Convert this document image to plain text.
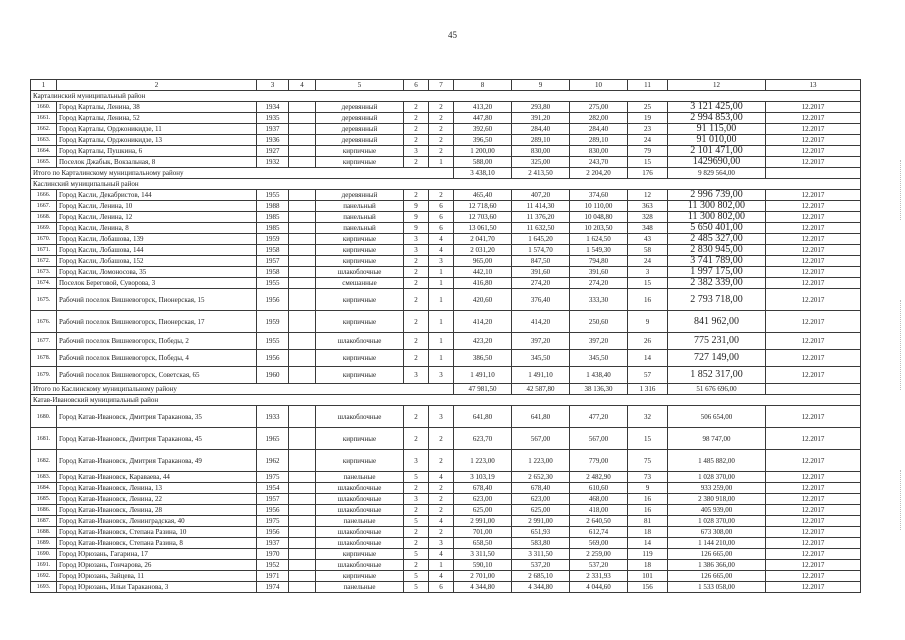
45
1	2	3	4	5	6	7	8	9	10	11	12	13
Карталинский муниципальный район												
1660.	Город Карталы, Ленина, 38	1934		деревянный	2	2	413,20	293,80	275,00	25	3 121 425,00	12.2017
1661.	Город Карталы, Ленина, 52	1935		деревянный	2	2	447,80	391,20	282,00	19	2 994 853,00	12.2017
1662.	Город Карталы, Орджоникидзе, 11	1937		деревянный	2	2	392,60	284,40	284,40	23	91 115,00	12.2017
1663.	Город Карталы, Орджоникидзе, 13	1936		деревянный	2	2	396,50	289,10	289,10	24	91 010,00	12.2017
1664.	Город Карталы, Пушкина, 6	1927		кирпичные	3	2	1 200,00	830,00	830,00	79	2 101 471,00	12.2017
1665.	Поселок Джабык, Вокзальная, 8	1932		кирпичные	2	1	588,00	325,00	243,70	15	1429690,00	12.2017
Итого по Карталинскому муниципальному району							3 438,10	2 413,50	2 204,20	176	9 829 564,00	
Каслинский муниципальный район												
1666.	Город Касли, Декабристов, 144	1955		деревянный	2	2	465,40	407,20	374,60	12	2 996 739,00	12.2017
1667.	Город Касли, Ленина, 10	1988		панельный	9	6	12 718,60	11 414,30	10 110,00	363	11 300 802,00	12.2017
1668.	Город Касли, Ленина, 12	1985		панельный	9	6	12 703,60	11 376,20	10 048,80	328	11 300 802,00	12.2017
1669.	Город Касли, Ленина, 8	1985		панельный	9	6	13 061,50	11 632,50	10 203,50	348	5 650 401,00	12.2017
1670.	Город Касли, Лобашова, 139	1959		кирпичные	3	4	2 041,70	1 645,20	1 624,50	43	2 485 327,00	12.2017
1671.	Город Касли, Лобашова, 144	1958		кирпичные	3	4	2 031,20	1 574,70	1 549,30	58	2 830 945,00	12.2017
1672.	Город Касли, Лобашова, 152	1957		кирпичные	2	3	965,00	847,50	794,80	24	3 741 789,00	12.2017
1673.	Город Касли, Ломоносова, 35	1958		шлакоблочные	2	1	442,10	391,60	391,60	3	1 997 175,00	12.2017
1674.	Поселок Береговой, Суворова, 3	1955		смешанные	2	1	416,80	274,20	274,20	15	2 382 339,00	12.2017
1675.	Рабочий поселок Вишневогорск, Пионерская, 15	1956		кирпичные	2	1	420,60	376,40	333,30	16	2 793 718,00	12.2017
1676.	Рабочий поселок Вишневогорск, Пионерская, 17	1959		кирпичные	2	1	414,20	414,20	250,60	9	841 962,00	12.2017
1677.	Рабочий поселок Вишневогорск, Победы, 2	1955		шлакоблочные	2	1	423,20	397,20	397,20	26	775 231,00	12.2017
1678.	Рабочий поселок Вишневогорск, Победы, 4	1956		кирпичные	2	1	386,50	345,50	345,50	14	727 149,00	12.2017
1679.	Рабочий поселок Вишневогорск, Советская, 65	1960		кирпичные	3	3	1 491,10	1 491,10	1 438,40	57	1 852 317,00	12.2017
Итого по Каслинскому муниципальному району							47 981,50	42 587,80	38 136,30	1 316	51 676 696,00	
Катав-Ивановский муниципальный район												
1680.	Город Катав-Ивановск, Дмитрия Тараканова, 35	1933		шлакоблочные	2	3	641,80	641,80	477,20	32	506 654,00	12.2017
1681.	Город Катав-Ивановск, Дмитрия Тараканова, 45	1965		кирпичные	2	2	623,70	567,00	567,00	15	98 747,00	12.2017
1682.	Город Катав-Ивановск, Дмитрия Тараканова, 49	1962		кирпичные	3	2	1 223,00	1 223,00	779,00	75	1 485 882,00	12.2017
1683.	Город Катав-Ивановск, Караваева, 44	1975		панельные	5	4	3 103,19	2 652,30	2 482,90	73	1 028 370,00	12.2017
1684.	Город Катав-Ивановск, Ленина, 13	1954		шлакоблочные	2	2	678,40	678,40	610,60	9	933 259,00	12.2017
1685.	Город Катав-Ивановск, Ленина, 22	1957		шлакоблочные	3	2	623,00	623,00	468,00	16	2 380 918,00	12.2017
1686.	Город Катав-Ивановск, Ленина, 28	1956		шлакоблочные	2	2	625,00	625,00	418,00	16	405 939,00	12.2017
1687.	Город Катав-Ивановск, Ленинградская, 40	1975		панельные	5	4	2 991,00	2 991,00	2 640,50	81	1 028 370,00	12.2017
1688.	Город Катав-Ивановск, Степана Разина, 10	1956		шлакоблочные	2	2	701,00	651,93	612,74	18	673 308,00	12.2017
1689.	Город Катав-Ивановск, Степана Разина, 8	1937		шлакоблочные	2	3	658,50	583,80	569,00	14	1 144 210,00	12.2017
1690.	Город Юрюзань, Гагарина, 17	1970		кирпичные	5	4	3 311,50	3 311,50	2 259,00	119	126 665,00	12.2017
1691.	Город Юрюзань, Гончарова, 26	1952		шлакоблочные	2	1	590,10	537,20	537,20	18	1 386 366,00	12.2017
1692.	Город Юрюзань, Зайцева, 11	1971		кирпичные	5	4	2 701,00	2 685,10	2 331,93	101	126 665,00	12.2017
1693.	Город Юрюзань, Ильи Тараканова, 3	1974		панельные	5	6	4 344,80	4 344,80	4 044,60	156	1 533 058,00	12.2017
